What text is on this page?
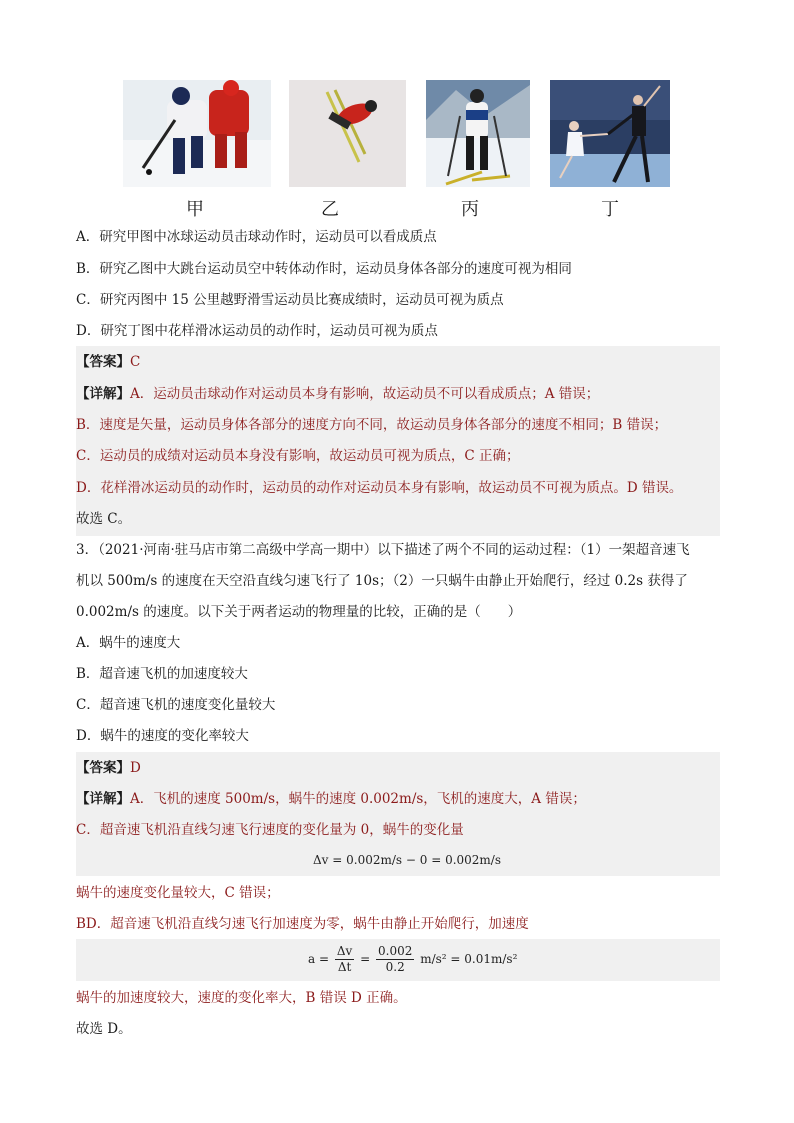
甲	乙	丙	丁
A．研究甲图中冰球运动员击球动作时，运动员可以看成质点
B．研究乙图中大跳台运动员空中转体动作时，运动员身体各部分的速度可视为相同
C．研究丙图中 15 公里越野滑雪运动员比赛成绩时，运动员可视为质点
D．研究丁图中花样滑冰运动员的动作时，运动员可视为质点
【答案】C
【详解】A．运动员击球动作对运动员本身有影响，故运动员不可以看成质点；A 错误；
B．速度是矢量，运动员身体各部分的速度方向不同，故运动员身体各部分的速度不相同；B 错误；
C．运动员的成绩对运动员本身没有影响，故运动员可视为质点，C 正确；
D．花样滑冰运动员的动作时，运动员的动作对运动员本身有影响，故运动员不可视为质点。D 错误。
故选 C。
3．（2021·河南·驻马店市第二高级中学高一期中）以下描述了两个不同的运动过程：（1）一架超音速飞
机以 500m/s 的速度在天空沿直线匀速飞行了 10s；（2）一只蜗牛由静止开始爬行，经过 0.2s 获得了
0.002m/s 的速度。以下关于两者运动的物理量的比较，正确的是（　　）
A．蜗牛的速度大
B．超音速飞机的加速度较大
C．超音速飞机的速度变化量较大
D．蜗牛的速度的变化率较大
【答案】D
【详解】A．飞机的速度 500m/s，蜗牛的速度 0.002m/s，飞机的速度大，A 错误；
C．超音速飞机沿直线匀速飞行速度的变化量为 0，蜗牛的变化量
Δv = 0.002m/s − 0 = 0.002m/s
蜗牛的速度变化量较大，C 错误；
BD．超音速飞机沿直线匀速飞行加速度为零，蜗牛由静止开始爬行，加速度
$a = \frac{\Delta v}{\Delta t} = \frac{0.002}{0.2} m/s^2 = 0.01m/s^2$
蜗牛的加速度较大，速度的变化率大，B 错误 D 正确。
故选 D。
